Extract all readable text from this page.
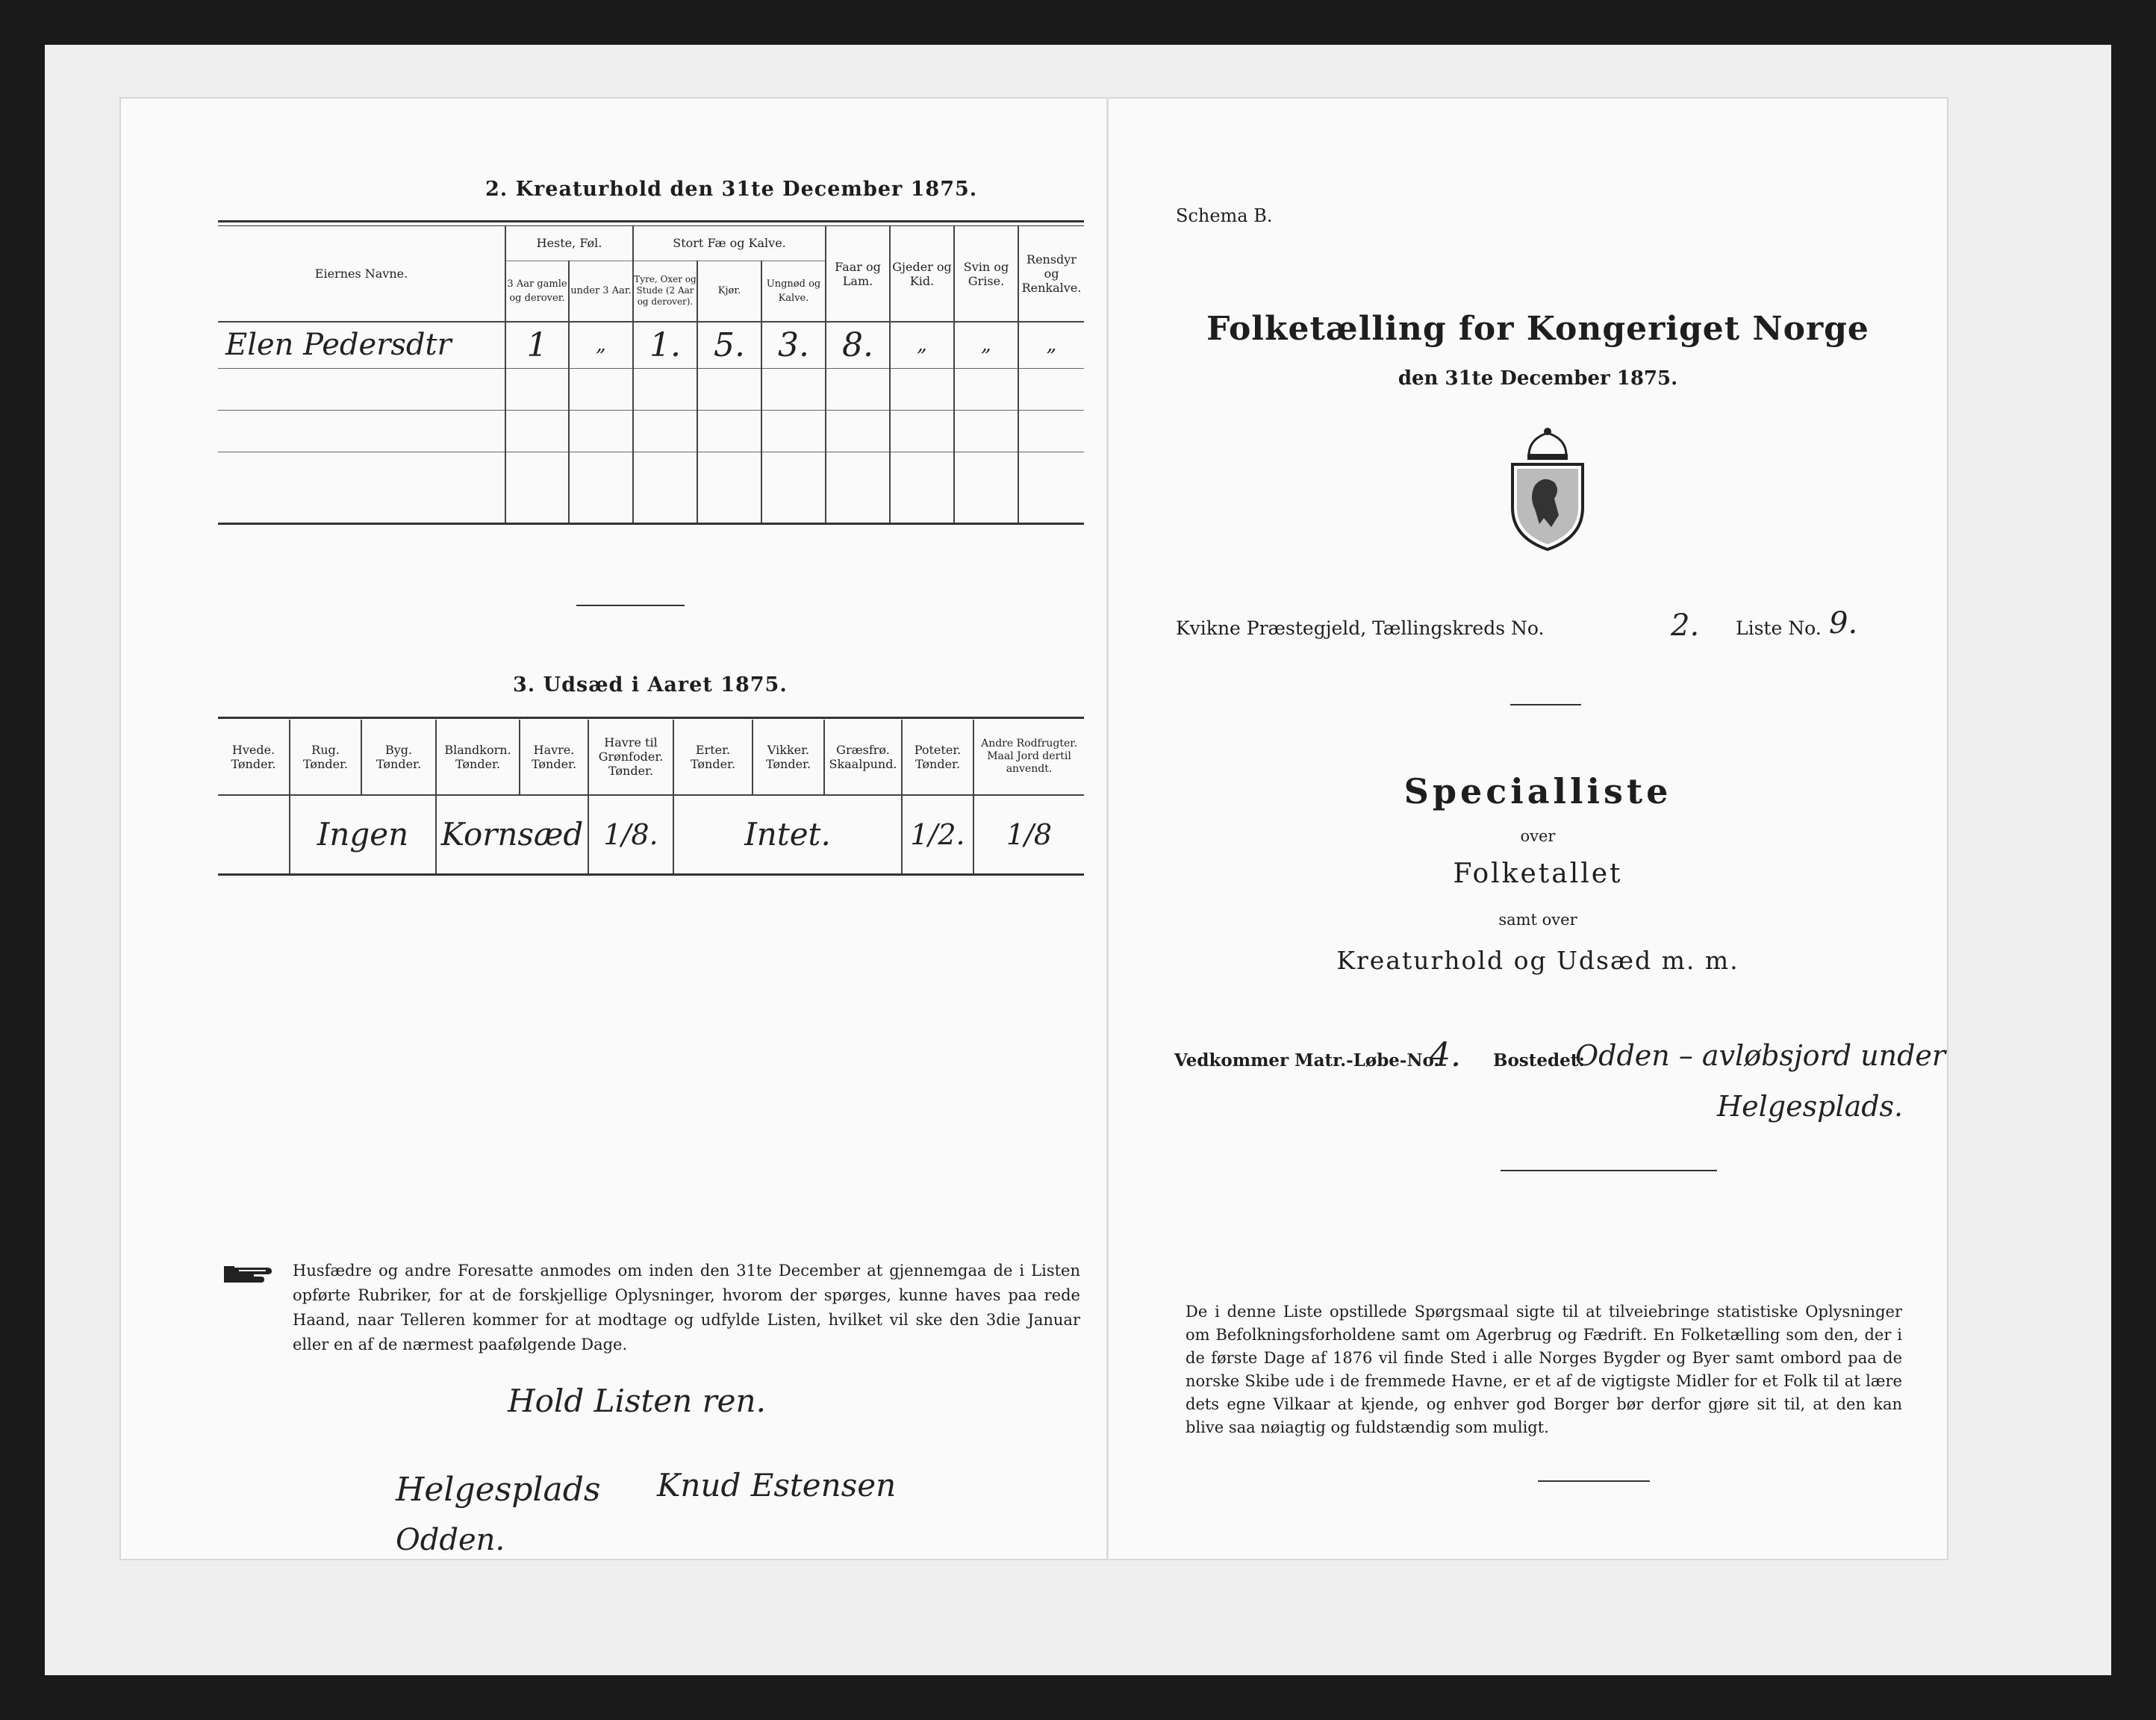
2. Kreaturhold den 31te December 1875.
Eiernes Navne.	Heste, Føl.		Stort Fæ og Kalve.			Faar og Lam.	Gjeder og Kid.	Svin og Grise.	Rensdyr og Renkalve.
	3 Aar gamle og derover.	under 3 Aar.	Tyre, Oxer og Stude (2 Aar og derover).	Kjør.	Ungnød og Kalve.				
Elen Pedersdtr	1	„	1.	5.	3.	8.	„	„	„

3. Udsæd i Aaret 1875.
Hvede. Tønder.	Rug. Tønder.	Byg. Tønder.	Blandkorn. Tønder.	Havre. Tønder.	Havre til Grønfoder. Tønder.	Erter. Tønder.	Vikker. Tønder.	Græsfrø. Skaalpund.	Poteter. Tønder.	Andre Rodfrugter. Maal Jord dertil anvendt.
	Ingen		Kornsæd		1/8.	Intet.			1/2.	1/8
Husfædre og andre Foresatte anmodes om inden den 31te December at gjennemgaa de i Listen opførte Rubriker, for at de forskjellige Oplysninger, hvorom der spørges, kunne haves paa rede Haand, naar Telleren kommer for at modtage og udfylde Listen, hvilket vil ske den 3die Januar eller en af de nærmest paafølgende Dage.
Hold Listen ren.
Helgesplads Knud Estensen
Odden.
Schema B.
Folketælling for Kongeriget Norge
den 31te December 1875.
Kvikne Præstegjeld, Tællingskreds No.	2. Liste No. 9.
Specialliste
over
Folketallet
samt over
Kreaturhold og Udsæd m. m.
Vedkommer Matr.-Løbe-No.
4. Bostedet:
Odden – avløbsjord under
Helgesplads.
De i denne Liste opstillede Spørgsmaal sigte til at tilveiebringe statistiske Oplysninger om Befolkningsforholdene samt om Agerbrug og Fædrift. En Folketælling som den, der i de første Dage af 1876 vil finde Sted i alle Norges Bygder og Byer samt ombord paa de norske Skibe ude i de fremmede Havne, er et af de vigtigste Midler for et Folk til at lære dets egne Vilkaar at kjende, og enhver god Borger bør derfor gjøre sit til, at den kan blive saa nøiagtig og fuldstændig som muligt.
